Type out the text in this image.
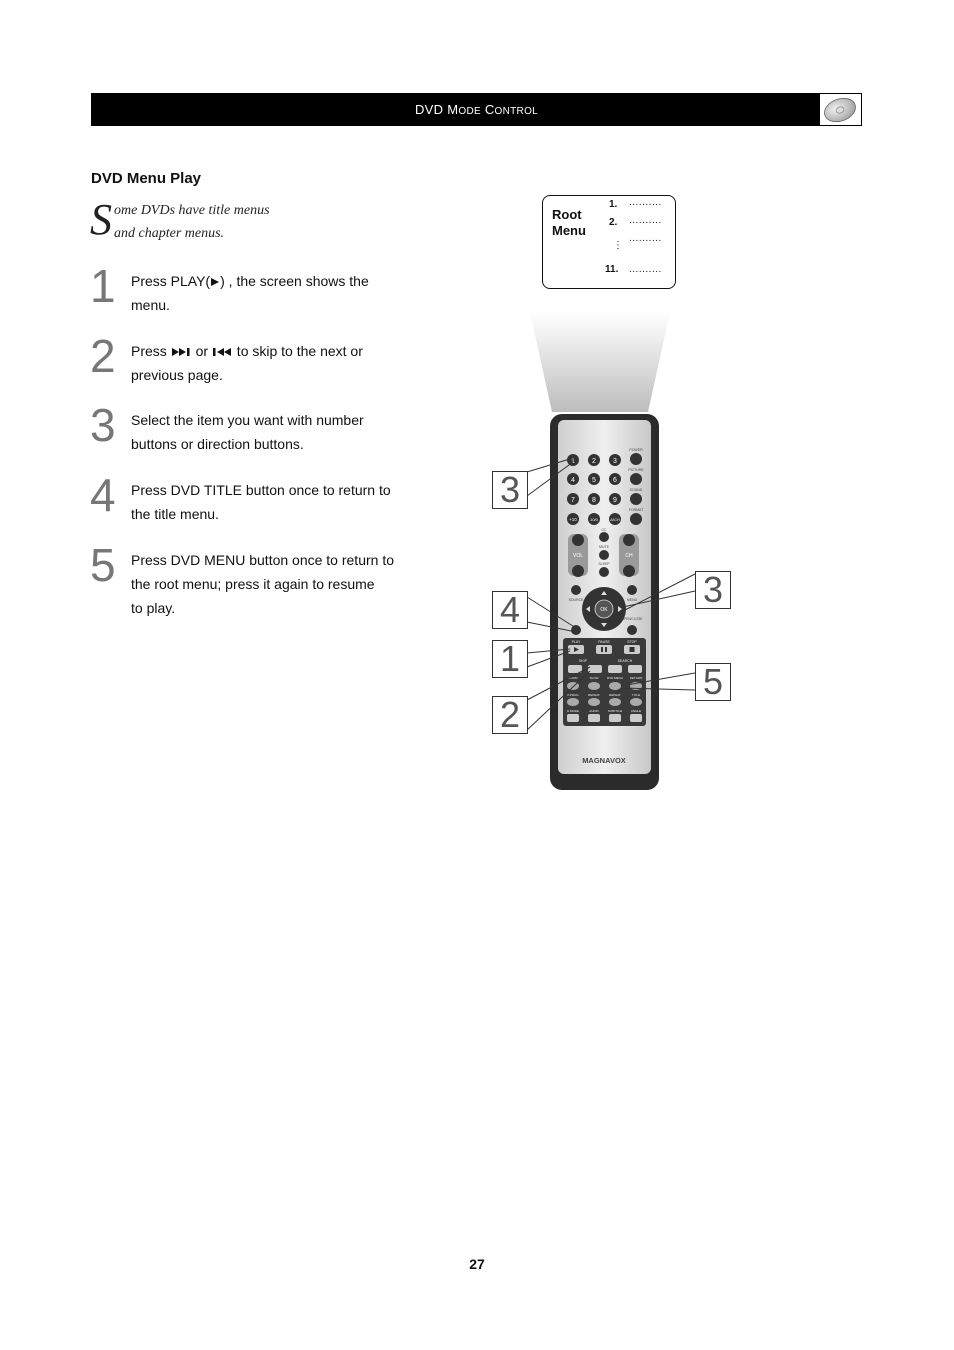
DVD MODE CONTROL
DVD Menu Play
S ome DVDs have title menus
and chapter menus.
1 Press PLAY( ) , the screen shows the
menu.
2 Press  or  to skip to the next or
previous page.
3 Select the item you want with number
buttons or direction buttons.
4 Press DVD TITLE button once to return to
the title menu.
5 Press DVD MENU button once to return to
the root menu; press it again to resume
to play.
Root
Menu
1. ..........
2. ..........
..........
⋮
11. ..........
1 2 3
4 5 6
7 8 9
+10	10/0	A/CH
POWER
PICTURE
SOUND
FORMAT
VOL	CH
CC
MUTE
SLEEP
SOURCE	MENU
OK
OPEN/CLOSE
PLAY	PAUSE	STOP
SKIP	SEARCH
ZOOM	SLOW	DVD MENU RETURN
P.PROG	REPEAT	REPEAT	TITLE
D.MODE	AUDIO	SUBTITLE	ANGLE
MAGNAVOX
3
4
1
2
3
5
27
